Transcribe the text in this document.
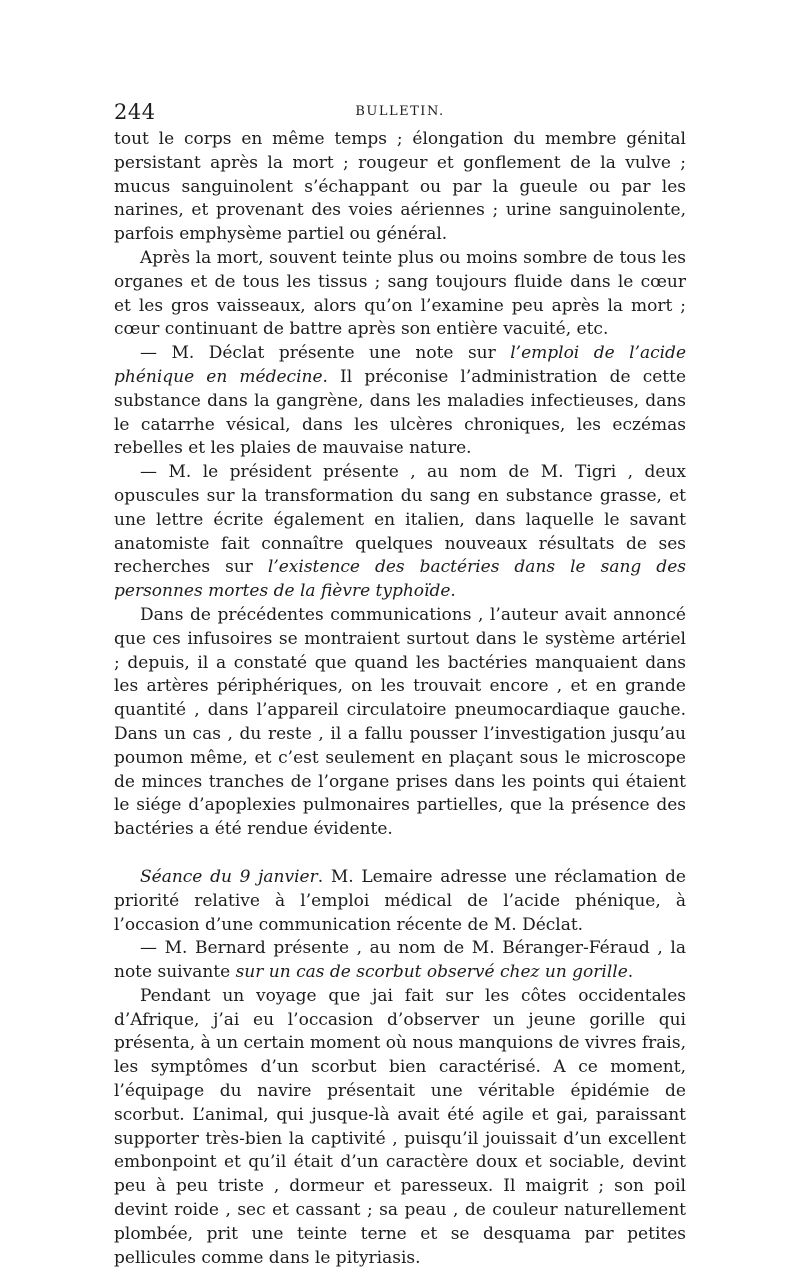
244	BULLETIN.

tout le corps en même temps ; élongation du membre génital persistant après la mort ; rougeur et gonflement de la vulve ; mucus sanguinolent s’échappant ou par la gueule ou par les narines, et provenant des voies aériennes ; urine sanguinolente, parfois emphysème partiel ou général.

Après la mort, souvent teinte plus ou moins sombre de tous les organes et de tous les tissus ; sang toujours fluide dans le cœur et les gros vaisseaux, alors qu’on l’examine peu après la mort ; cœur continuant de battre après son entière vacuité, etc.

— M. Déclat présente une note sur l’emploi de l’acide phénique en médecine. Il préconise l’administration de cette substance dans la gangrène, dans les maladies infectieuses, dans le catarrhe vésical, dans les ulcères chroniques, les eczémas rebelles et les plaies de mauvaise nature.

— M. le président présente , au nom de M. Tigri , deux opuscules sur la transformation du sang en substance grasse, et une lettre écrite également en italien, dans laquelle le savant anatomiste fait connaître quelques nouveaux résultats de ses recherches sur l’existence des bactéries dans le sang des personnes mortes de la fièvre typhoïde.

Dans de précédentes communications , l’auteur avait annoncé que ces infusoires se montraient surtout dans le système artériel ; depuis, il a constaté que quand les bactéries manquaient dans les artères périphériques, on les trouvait encore , et en grande quantité , dans l’appareil circulatoire pneumocardiaque gauche. Dans un cas , du reste , il a fallu pousser l’investigation jusqu’au poumon même, et c’est seulement en plaçant sous le microscope de minces tranches de l’organe prises dans les points qui étaient le siége d’apoplexies pulmonaires partielles, que la présence des bactéries a été rendue évidente.

Séance du 9 janvier. M. Lemaire adresse une réclamation de priorité relative à l’emploi médical de l’acide phénique, à l’occasion d’une communication récente de M. Déclat.

— M. Bernard présente , au nom de M. Béranger-Féraud , la note suivante sur un cas de scorbut observé chez un gorille.

Pendant un voyage que jai fait sur les côtes occidentales d’Afrique, j’ai eu l’occasion d’observer un jeune gorille qui présenta, à un certain moment où nous manquions de vivres frais, les symptômes d’un scorbut bien caractérisé. A ce moment, l’équipage du navire présentait une véritable épidémie de scorbut. L’animal, qui jusque-là avait été agile et gai, paraissant supporter très-bien la captivité , puisqu’il jouissait d’un excellent embonpoint et qu’il était d’un caractère doux et sociable, devint peu à peu triste , dormeur et paresseux. Il maigrit ; son poil devint roide , sec et cassant ; sa peau , de couleur naturellement plombée, prit une teinte terne et se desquama par petites pellicules comme dans le pityriasis.
